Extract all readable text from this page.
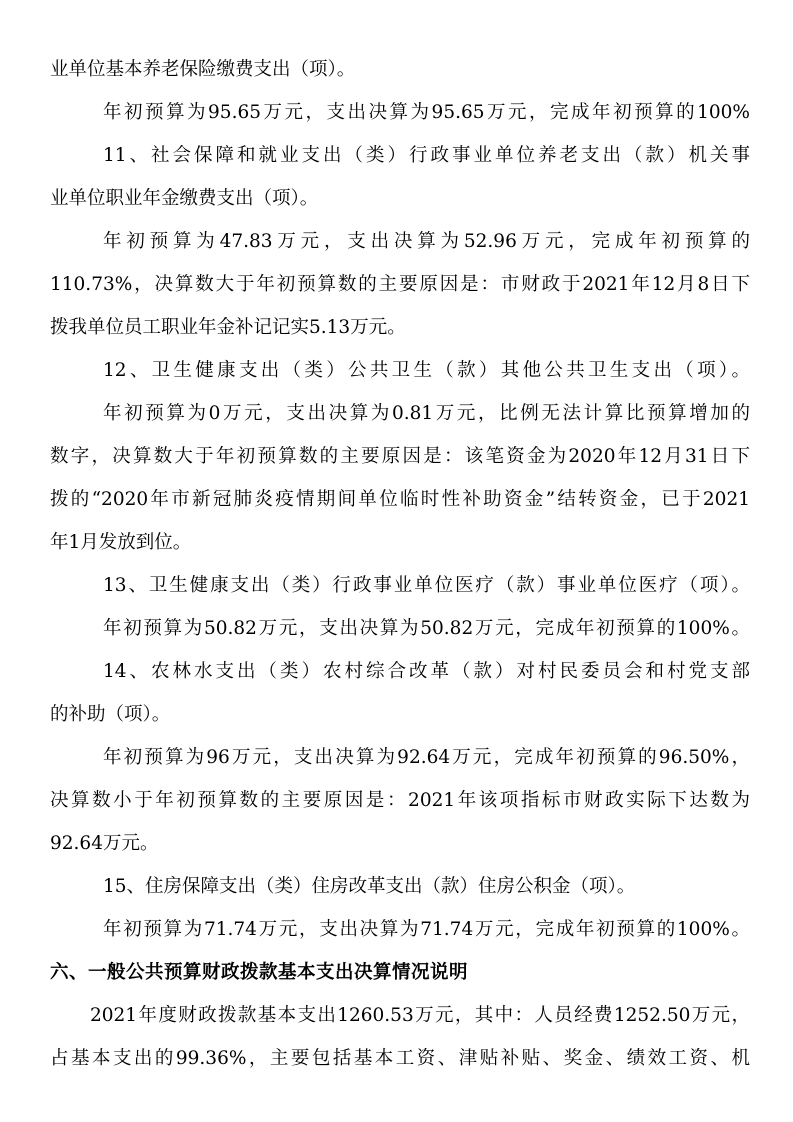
业单位基本养老保险缴费支出（项）。
年初预算为95.65万元，支出决算为95.65万元，完成年初预算的100%
11、社会保障和就业支出（类）行政事业单位养老支出（款）机关事
业单位职业年金缴费支出（项）。
年初预算为47.83万元，支出决算为52.96万元，完成年初预算的
110.73%，决算数大于年初预算数的主要原因是：市财政于2021年12月8日下
拨我单位员工职业年金补记记实5.13万元。
12、卫生健康支出（类）公共卫生（款）其他公共卫生支出（项）。
年初预算为0万元，支出决算为0.81万元，比例无法计算比预算增加的
数字，决算数大于年初预算数的主要原因是：该笔资金为2020年12月31日下
拨的“2020年市新冠肺炎疫情期间单位临时性补助资金”结转资金，已于2021
年1月发放到位。
13、卫生健康支出（类）行政事业单位医疗（款）事业单位医疗（项）。
年初预算为50.82万元，支出决算为50.82万元，完成年初预算的100%。
14、农林水支出（类）农村综合改革（款）对村民委员会和村党支部
的补助（项）。
年初预算为96万元，支出决算为92.64万元，完成年初预算的96.50%，
决算数小于年初预算数的主要原因是：2021年该项指标市财政实际下达数为
92.64万元。
15、住房保障支出（类）住房改革支出（款）住房公积金（项）。
年初预算为71.74万元，支出决算为71.74万元，完成年初预算的100%。
六、一般公共预算财政拨款基本支出决算情况说明
2021年度财政拨款基本支出1260.53万元，其中：人员经费1252.50万元，
占基本支出的99.36%，主要包括基本工资、津贴补贴、奖金、绩效工资、机
